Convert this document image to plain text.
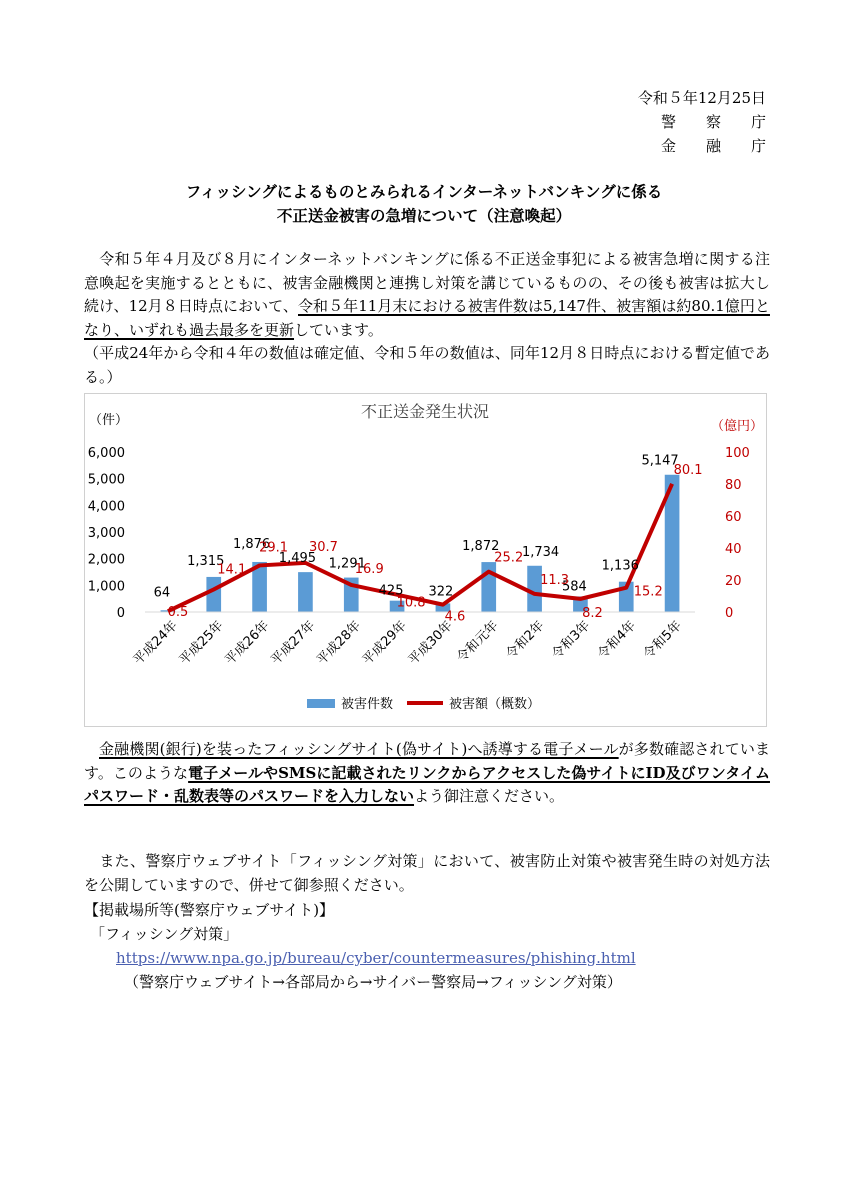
令和５年12月25日
警察庁
金融庁
フィッシングによるものとみられるインターネットバンキングに係る
不正送金被害の急増について（注意喚起）
　令和５年４月及び８月にインターネットバンキングに係る不正送金事犯による被害急増に関する注意喚起を実施するとともに、被害金融機関と連携し対策を講じているものの、その後も被害は拡大し続け、12月８日時点において、令和５年11月末における被害件数は5,147件、被害額は約80.1億円となり、いずれも過去最多を更新しています。
（平成24年から令和４年の数値は確定値、令和５年の数値は、同年12月８日時点における暫定値である。）
不正送金発生状況
（件）	（億円）
0
1,000
2,000
3,000
4,000
5,000
6,000
0
20
40
60
80
100
64
1,315
1,876
1,495 1,291
425 322
1,872 1,734
584
1,136
5,147
0.5
14.1
29.1 30.7
16.9
10.8
4.6
25.2
11.3
8.2
15.2
80.1
平成24年
平成25年
平成26年
平成27年
平成28年
平成29年
平成30年
令和元年 令和2年 令和3年 令和4年 令和5年
被害件数	被害額（概数）
金融機関(銀行)を装ったフィッシングサイト(偽サイト)へ誘導する電子メールが多数確認されています。このような電子メールやSMSに記載されたリンクからアクセスした偽サイトにID及びワンタイムパスワード・乱数表等のパスワードを入力しないよう御注意ください。
　また、警察庁ウェブサイト「フィッシング対策」において、被害防止対策や被害発生時の対処方法を公開していますので、併せて御参照ください。
【掲載場所等(警察庁ウェブサイト)】
「フィッシング対策」
https://www.npa.go.jp/bureau/cyber/countermeasures/phishing.html
（警察庁ウェブサイト→各部局から→サイバー警察局→フィッシング対策）
